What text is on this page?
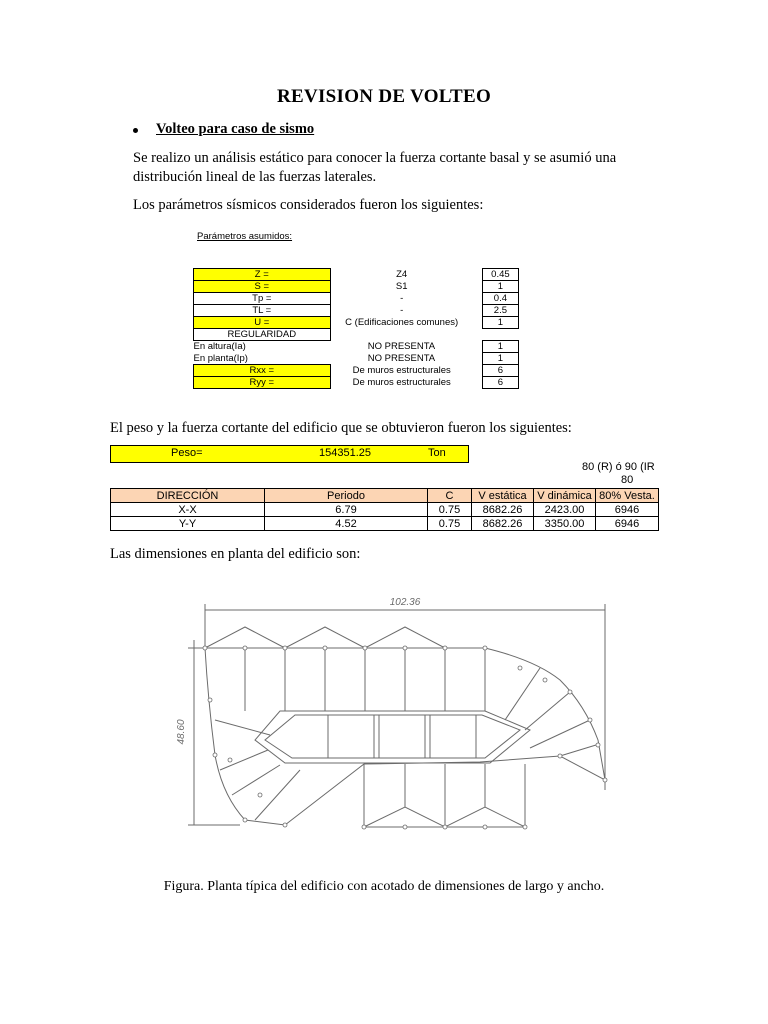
REVISION DE VOLTEO
Volteo para caso de sismo
Se realizo un análisis estático para conocer la fuerza cortante basal y se asumió una
distribución lineal de las fuerzas laterales.
Los parámetros sísmicos considerados fueron los siguientes:
Parámetros asumidos:
Z =	Z4		0.45
S =	S1		1
Tp =	-		0.4
TL =	-		2.5
U =	C (Edificaciones comunes)		1
REGULARIDAD			
En altura(Ia)	NO PRESENTA		1
En planta(Ip)	NO PRESENTA		1
Rxx =	De muros estructurales		6
Ryy =	De muros estructurales		6
El peso y la fuerza cortante del edificio que se obtuvieron fueron los siguientes:
Peso=	154351.25	Ton
80 (R) ó 90 (IR
80
DIRECCIÓN	Periodo	C	V estática	V dinámica	80% Vesta.
X-X	6.79	0.75	8682.26	2423.00	6946
Y-Y	4.52	0.75	8682.26	3350.00	6946
Las dimensiones en planta del edificio son:
102.36
48.60
Figura. Planta típica del edificio con acotado de dimensiones de largo y ancho.
